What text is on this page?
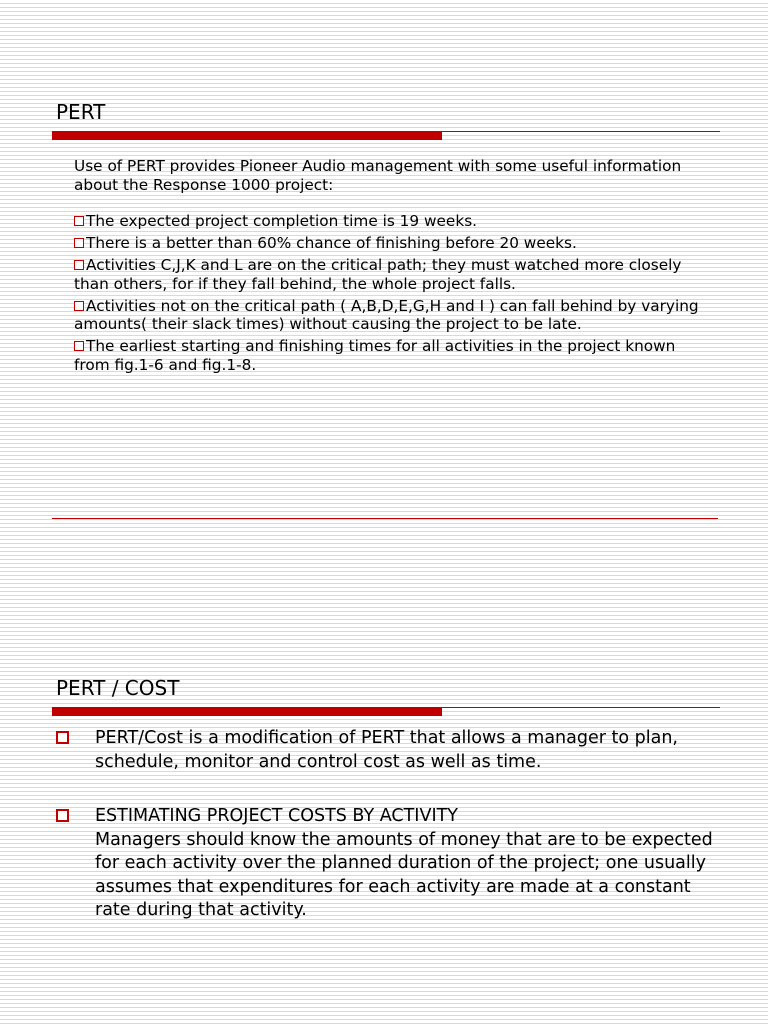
PERT

Use of PERT provides Pioneer Audio management with some useful information about the Response 1000 project:

The expected project completion time is 19 weeks.

There is a better than 60% chance of finishing before 20 weeks.

Activities C,J,K and L are on the critical path; they must watched more closely than others, for if they fall behind, the whole project falls.

Activities not on the critical path ( A,B,D,E,G,H and I ) can fall behind by varying amounts( their slack times) without causing the project to be late.

The earliest starting and finishing times for all activities in the project known from fig.1-6 and fig.1-8.

PERT / COST
PERT/Cost is a modification of PERT that allows a manager to plan, schedule, monitor and control cost as well as time.
ESTIMATING PROJECT COSTS BY ACTIVITY
Managers should know the amounts of money that are to be expected for each activity over the planned duration of the project; one usually assumes that expenditures for each activity are made at a constant rate during that activity.
